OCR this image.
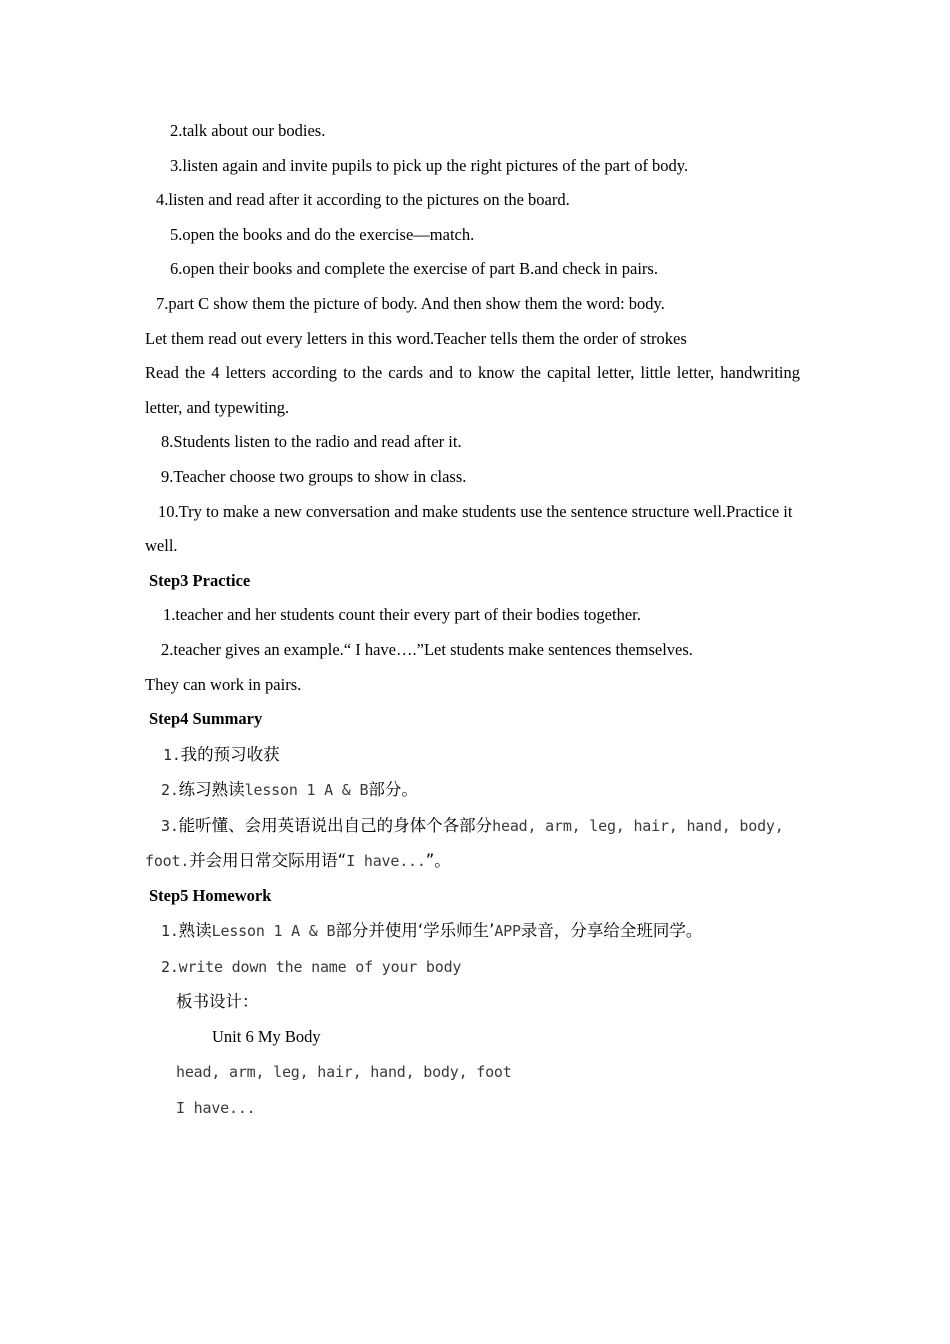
2.talk about our bodies.
3.listen again and invite pupils to pick up the right pictures of the part of body.
4.listen and read after it according to the pictures on the board.
5.open the books and do the exercise—match.
6.open their books and complete the exercise of part B.and check in pairs.
7.part C show them the picture of body. And then show them the word: body.
Let them read out every letters in this word.Teacher tells them the order of strokes
Read the 4 letters according to the cards and to know the capital letter, little letter, handwriting
letter, and typewiting.
8.Students listen to the radio and read after it.
9.Teacher choose two groups to show in class.
10.Try to make a new conversation and make students use the sentence structure well.Practice it
well.
Step3 Practice
1.teacher and her students count their every part of their bodies together.
2.teacher gives an example.“ I have….”Let students make sentences themselves.
They can work in pairs.
Step4 Summary
1.我的预习收获
2.练习熟读lesson 1 A & B部分。
3.能听懂、会用英语说出自己的身体个各部分head, arm, leg, hair, hand, body,
foot.并会用日常交际用语“I have...”。
Step5 Homework
1.熟读Lesson 1 A & B部分并使用‘学乐师生’APP录音，分享给全班同学。
2.write down the name of your body
板书设计：
Unit 6 My Body
head, arm, leg, hair, hand, body, foot
I have...
